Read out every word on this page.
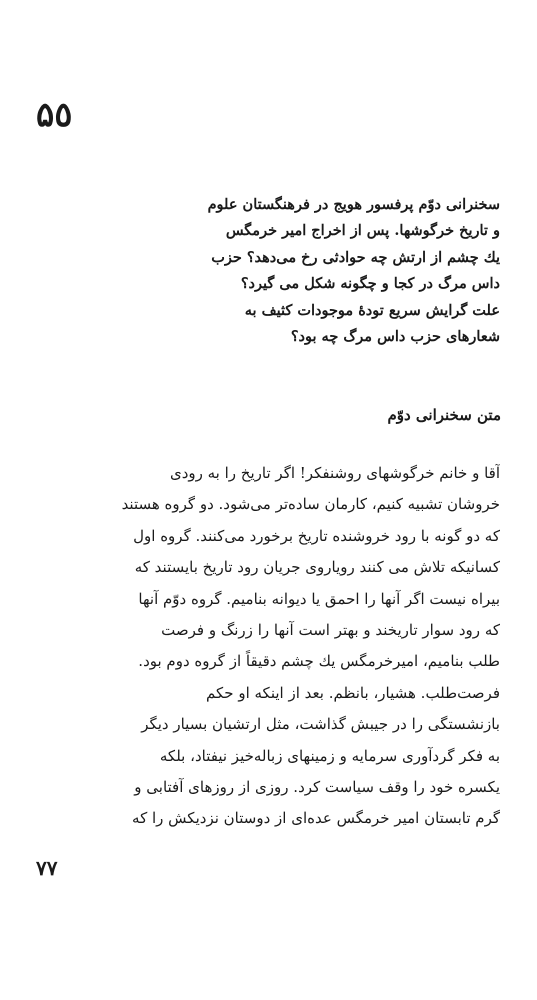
۵٥
سخنرانی دوّم پرفسور هویج در فرهنگستان علوم
و تاریخ خرگوشها. پس از اخراج امیر خرمگس
یك چشم از ارتش چه حوادثی رخ می‌دهد؟ حزب
داس مرگ در کجا و چگونه شکل می گیرد؟
علت گرایش سریع تودهٔ موجودات کثیف به
شعارهای حزب داس مرگ چه بود؟
متن سخنرانی دوّم
آقا و خانم خرگوشهای روشنفکر! اگر تاریخ را به رودی
خروشان تشبیه کنیم، کارمان ساده‌تر می‌شود. دو گروه هستند
که دو گونه با رود خروشنده تاریخ برخورد می‌کنند. گروه اول
کسانیکه تلاش می کنند رویاروی جریان رود تاریخ بایستند که
بیراه نیست اگر آنها را احمق یا دیوانه بنامیم. گروه دوّم آنها
که رود سوار تاریخند و بهتر است آنها را زرنگ و فرصت
طلب بنامیم، امیرخرمگس یك چشم دقیقاً از گروه دوم بود.
فرصت‌طلب. هشیار، بانظم. بعد از اینکه او حکم
بازنشستگی را در جیبش گذاشت، مثل ارتشیان بسیار دیگر
به فکر گردآوری سرمایه و زمینهای زباله‌خیز نیفتاد، بلکه
یکسره خود را وقف سیاست کرد. روزی از روزهای آفتابی و
گرم تابستان امیر خرمگس عده‌ای از دوستان نزدیکش را که
۷۷
